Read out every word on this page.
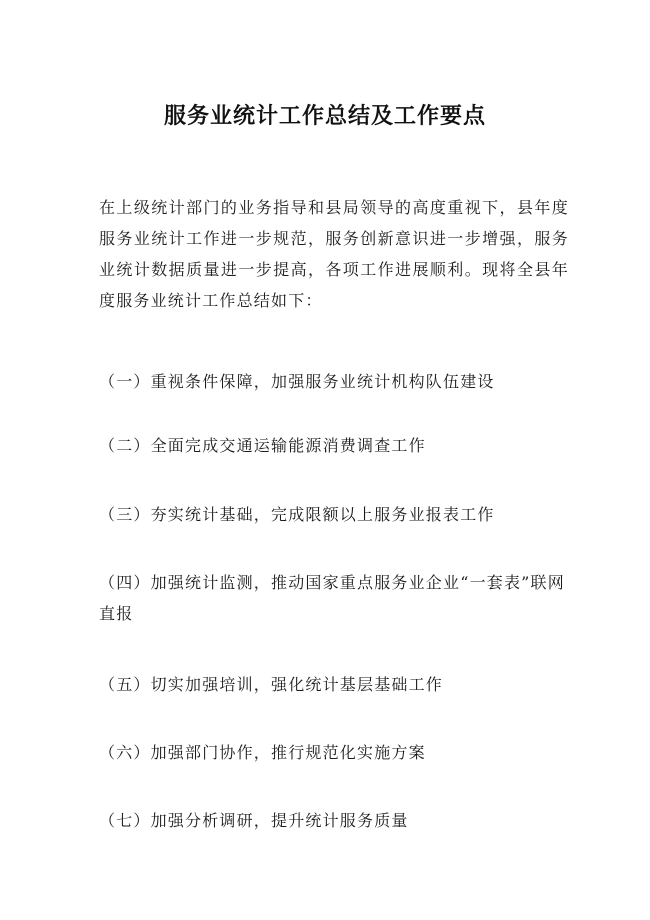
服务业统计工作总结及工作要点
在上级统计部门的业务指导和县局领导的高度重视下，县年度服务业统计工作进一步规范，服务创新意识进一步增强，服务业统计数据质量进一步提高，各项工作进展顺利。现将全县年度服务业统计工作总结如下：
（一）重视条件保障，加强服务业统计机构队伍建设
（二）全面完成交通运输能源消费调查工作
（三）夯实统计基础，完成限额以上服务业报表工作
（四）加强统计监测，推动国家重点服务业企业“一套表”联网直报
（五）切实加强培训，强化统计基层基础工作
（六）加强部门协作，推行规范化实施方案
（七）加强分析调研，提升统计服务质量
